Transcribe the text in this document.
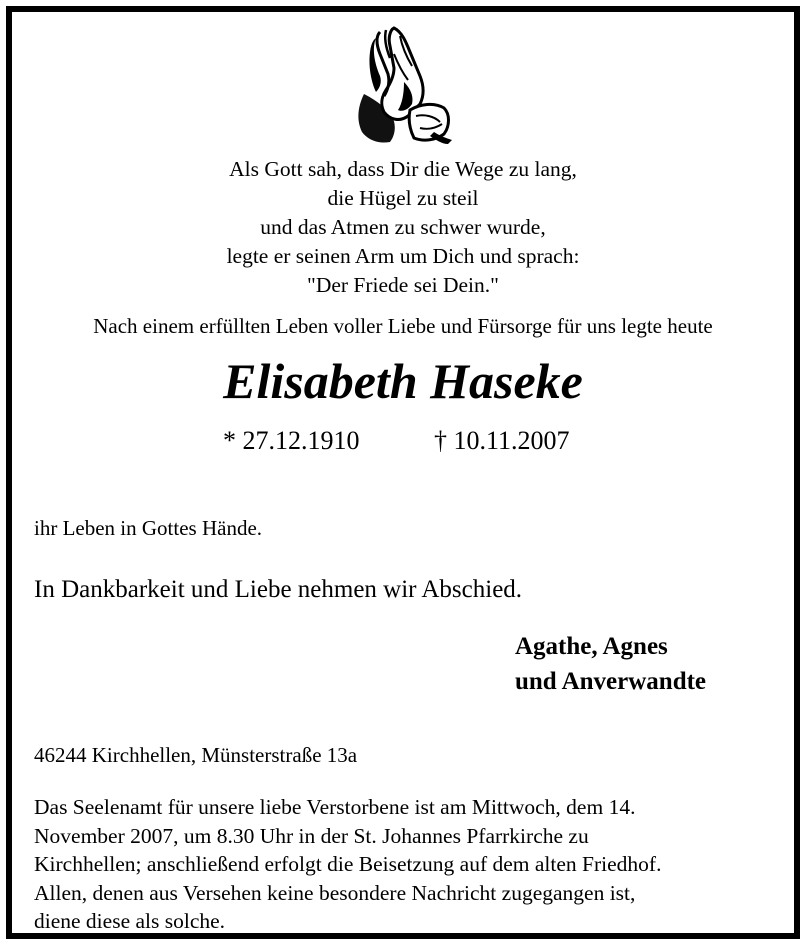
Als Gott sah, dass Dir die Wege zu lang,
die Hügel zu steil
und das Atmen zu schwer wurde,
legte er seinen Arm um Dich und sprach:
"Der Friede sei Dein."
Nach einem erfüllten Leben voller Liebe und Fürsorge für uns legte heute
Elisabeth Haseke
* 27.12.1910	† 10.11.2007
ihr Leben in Gottes Hände.
In Dankbarkeit und Liebe nehmen wir Abschied.
Agathe, Agnes
und Anverwandte
46244 Kirchhellen, Münsterstraße 13a
Das Seelenamt für unsere liebe Verstorbene ist am Mittwoch, dem 14.
November 2007, um 8.30 Uhr in der St. Johannes Pfarrkirche zu
Kirchhellen; anschließend erfolgt die Beisetzung auf dem alten Friedhof.
Allen, denen aus Versehen keine besondere Nachricht zugegangen ist,
diene diese als solche.
